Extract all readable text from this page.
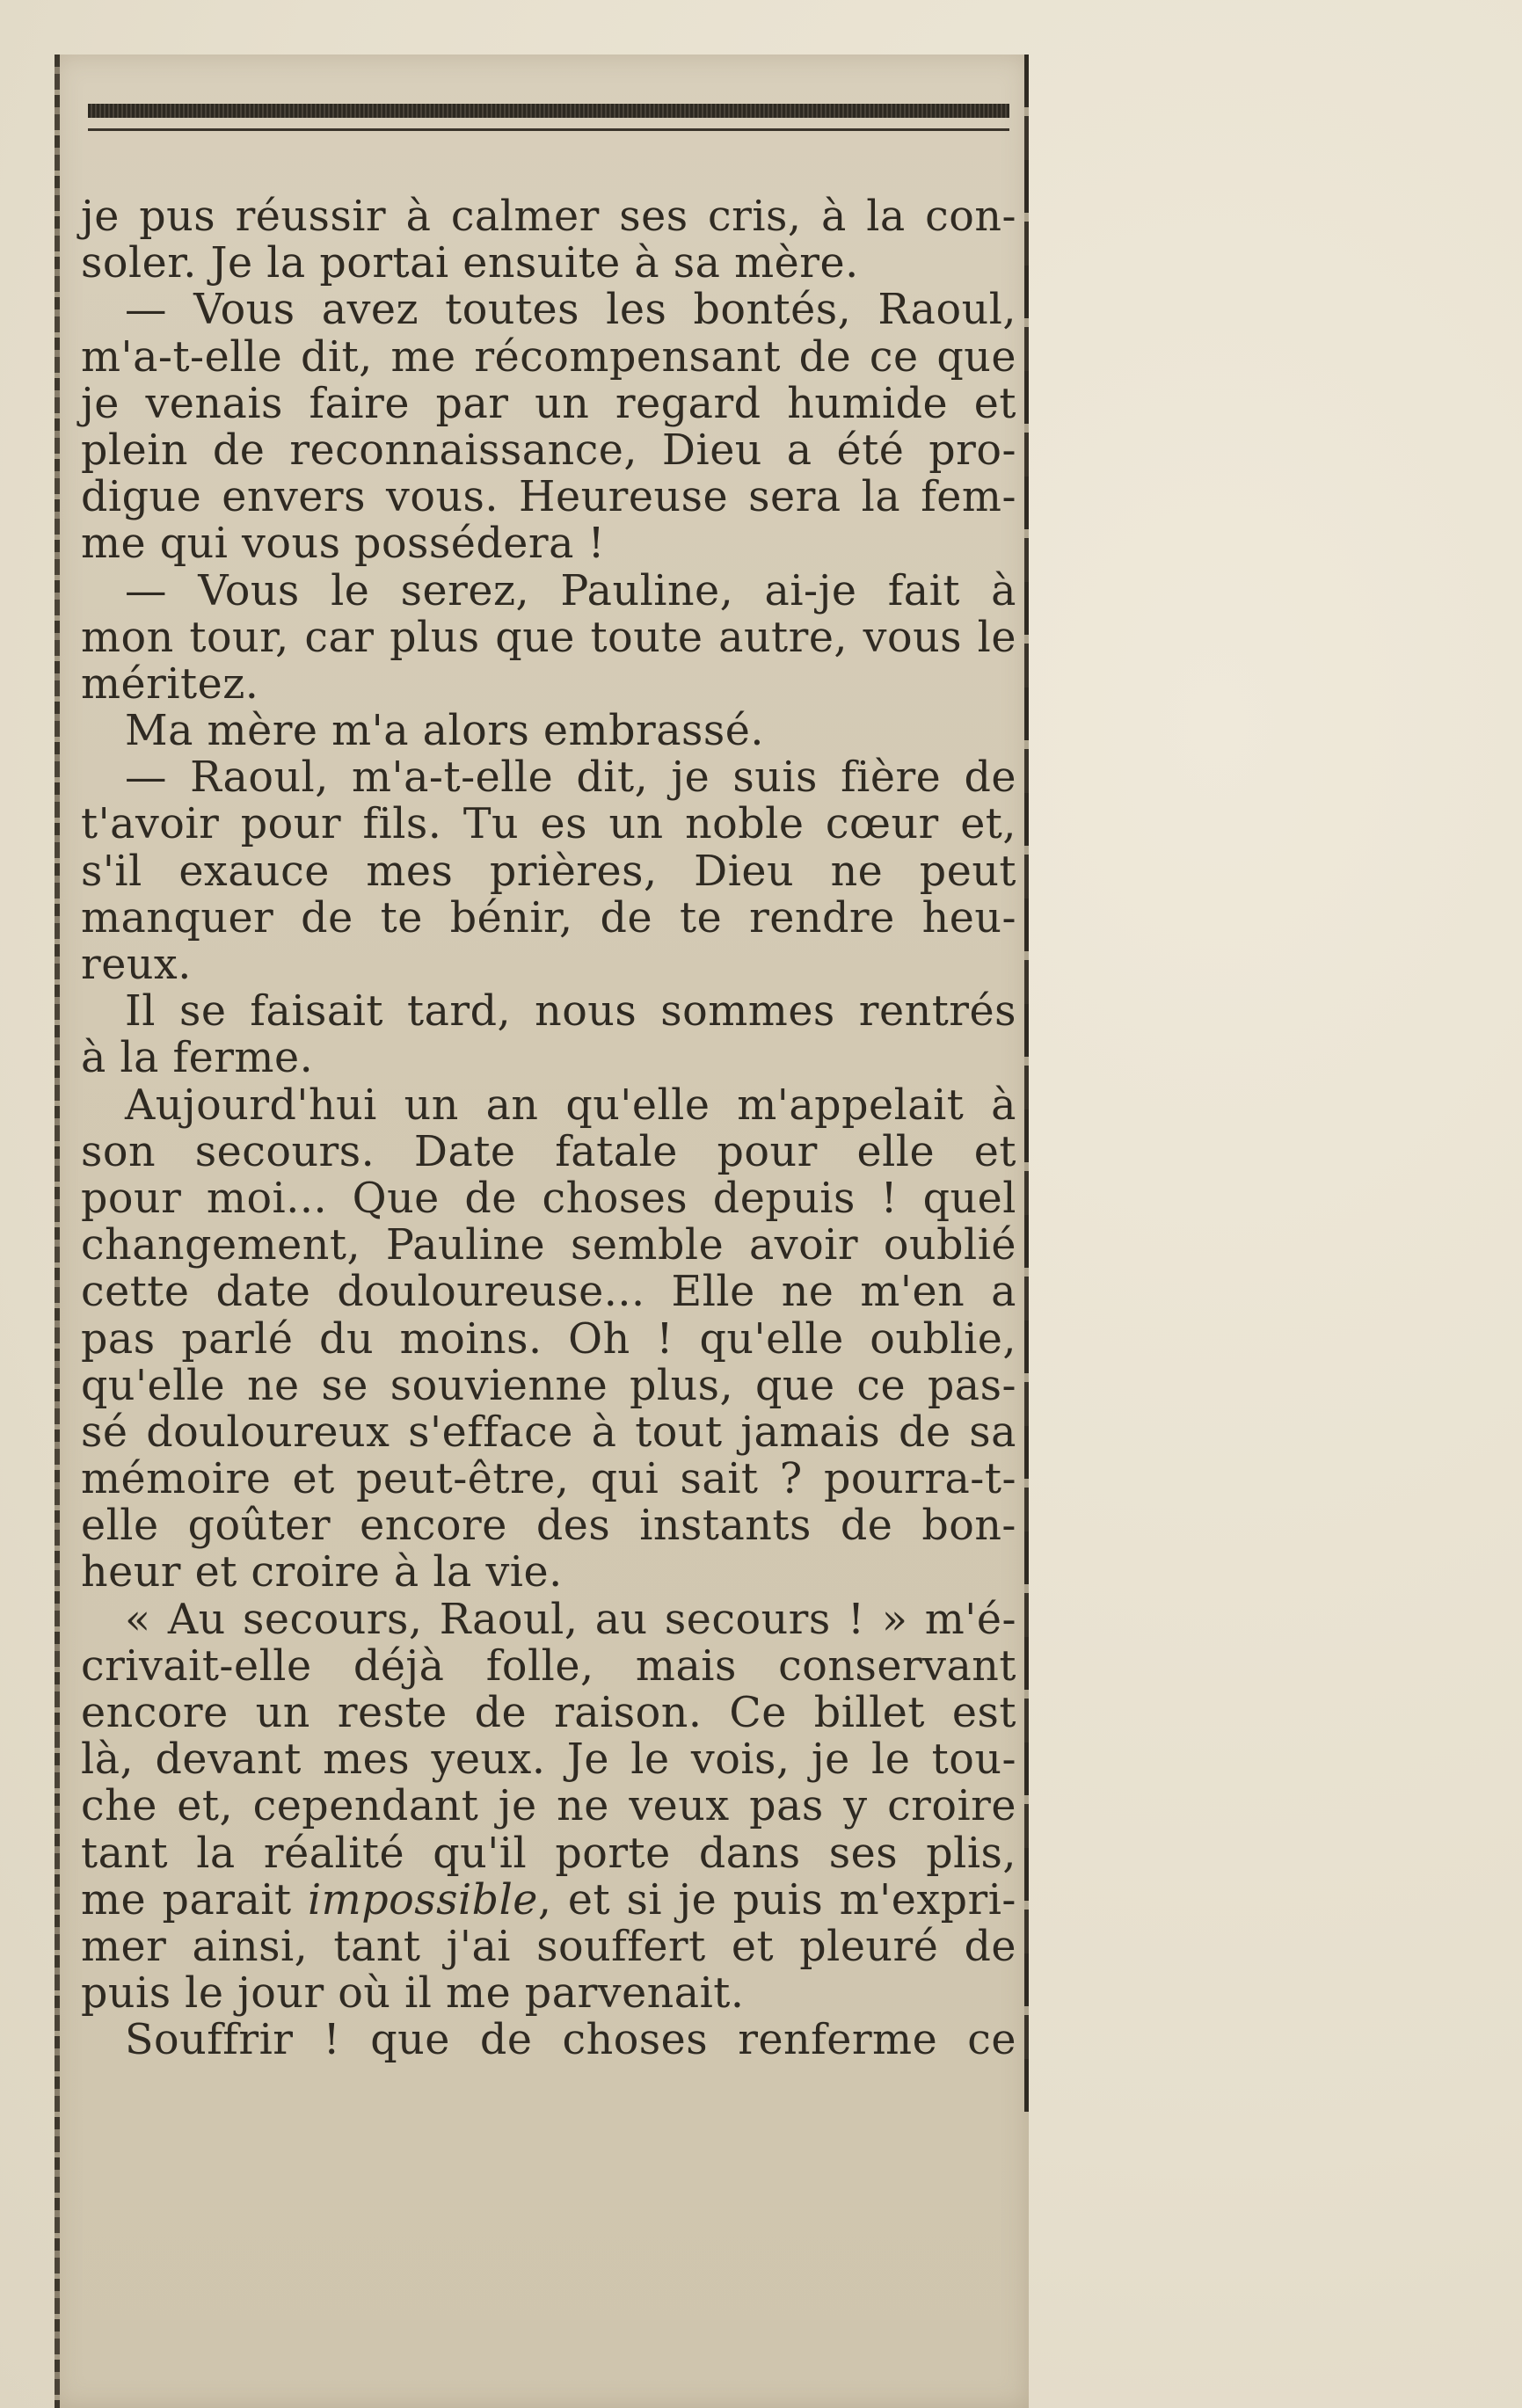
je pus réussir à calmer ses cris, à la con-
soler. Je la portai ensuite à sa mère.
— Vous avez toutes les bontés, Raoul,
m'a-t-elle dit, me récompensant de ce que
je venais faire par un regard humide et
plein de reconnaissance, Dieu a été pro-
digue envers vous. Heureuse sera la fem-
me qui vous possédera !
— Vous le serez, Pauline, ai-je fait à
mon tour, car plus que toute autre, vous le
méritez.
Ma mère m'a alors embrassé.
— Raoul, m'a-t-elle dit, je suis fière de
t'avoir pour fils. Tu es un noble cœur et,
s'il exauce mes prières, Dieu ne peut
manquer de te bénir, de te rendre heu-
reux.
Il se faisait tard, nous sommes rentrés
à la ferme.
Aujourd'hui un an qu'elle m'appelait à
son secours. Date fatale pour elle et
pour moi... Que de choses depuis ! quel
changement, Pauline semble avoir oublié
cette date douloureuse... Elle ne m'en a
pas parlé du moins. Oh ! qu'elle oublie,
qu'elle ne se souvienne plus, que ce pas-
sé douloureux s'efface à tout jamais de sa
mémoire et peut-être, qui sait ? pourra-t-
elle goûter encore des instants de bon-
heur et croire à la vie.
« Au secours, Raoul, au secours ! » m'é-
crivait-elle déjà folle, mais conservant
encore un reste de raison. Ce billet est
là, devant mes yeux. Je le vois, je le tou-
che et, cependant je ne veux pas y croire
tant la réalité qu'il porte dans ses plis,
me parait impossible, et si je puis m'expri-
mer ainsi, tant j'ai souffert et pleuré de
puis le jour où il me parvenait.
Souffrir ! que de choses renferme ce
